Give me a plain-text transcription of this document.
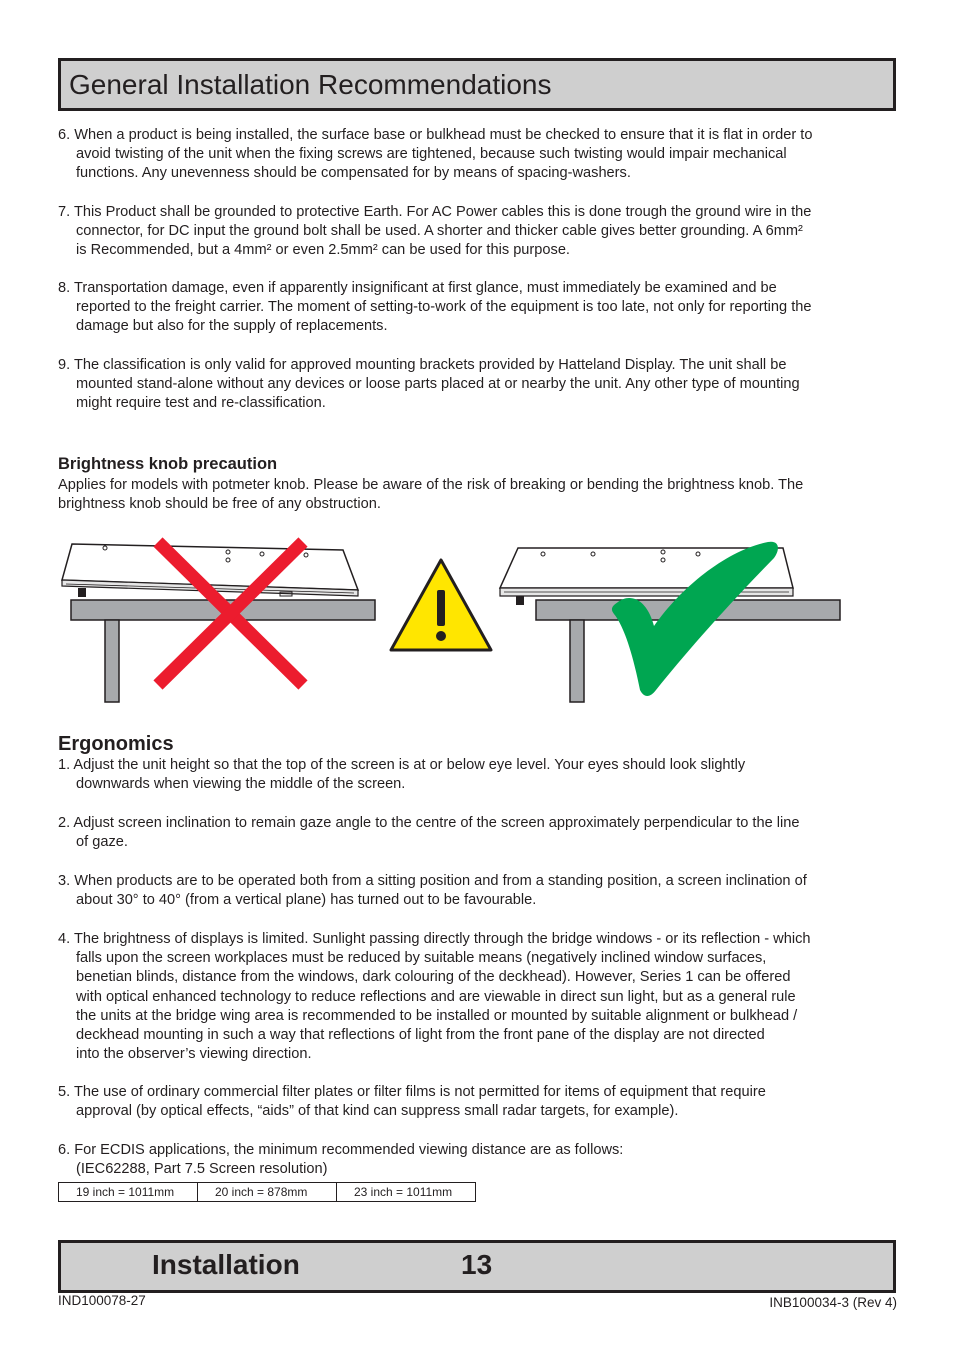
General Installation Recommendations
6. When a product is being installed, the surface base or bulkhead must be checked to ensure that it is flat in order to
avoid twisting of the unit when the fixing screws are tightened, because such twisting would impair mechanical
functions. Any unevenness should be compensated for by means of spacing-washers.
7. This Product shall be grounded to protective Earth. For AC Power cables this is done trough the ground wire in the
connector, for DC input the ground bolt shall be used. A shorter and thicker cable gives better grounding. A 6mm²
is Recommended, but a 4mm² or even 2.5mm² can be used for this purpose.
8. Transportation damage, even if apparently insignificant at first glance, must immediately be examined and be
reported to the freight carrier. The moment of setting-to-work of the equipment is too late, not only for reporting the
damage but also for the supply of replacements.
9. The classification is only valid for approved mounting brackets provided by Hatteland Display. The unit shall be
mounted stand-alone without any devices or loose parts placed at or nearby the unit. Any other type of mounting
might require test and re-classification.
Brightness knob precaution
Applies for models with potmeter knob. Please be aware of the risk of breaking or bending the brightness knob. The
brightness knob should be free of any obstruction.
Ergonomics
1. Adjust the unit height so that the top of the screen is at or below eye level. Your eyes should look slightly
downwards when viewing the middle of the screen.
2. Adjust screen inclination to remain gaze angle to the centre of the screen approximately perpendicular to the line
of gaze.
3. When products are to be operated both from a sitting position and from a standing position, a screen inclination of
about 30° to 40° (from a vertical plane) has turned out to be favourable.
4. The brightness of displays is limited. Sunlight passing directly through the bridge windows - or its reflection - which
falls upon the screen workplaces must be reduced by suitable means (negatively inclined window surfaces,
benetian blinds, distance from the windows, dark colouring of the deckhead). However, Series 1 can be offered
with optical enhanced technology to reduce reflections and are viewable in direct sun light, but as a general rule
the units at the bridge wing area is recommended to be installed or mounted by suitable alignment or bulkhead /
deckhead mounting in such a way that reflections of light from the front pane of the display are not directed
into the observer’s viewing direction.
5. The use of ordinary commercial filter plates or filter films is not permitted for items of equipment that require
approval (by optical effects, “aids” of that kind can suppress small radar targets, for example).
6. For ECDIS applications, the minimum recommended viewing distance are as follows:
(IEC62288, Part 7.5 Screen resolution)
19 inch = 1011mm	20 inch = 878mm	23 inch = 1011mm
Installation	13
IND100078-27	INB100034-3 (Rev 4)
